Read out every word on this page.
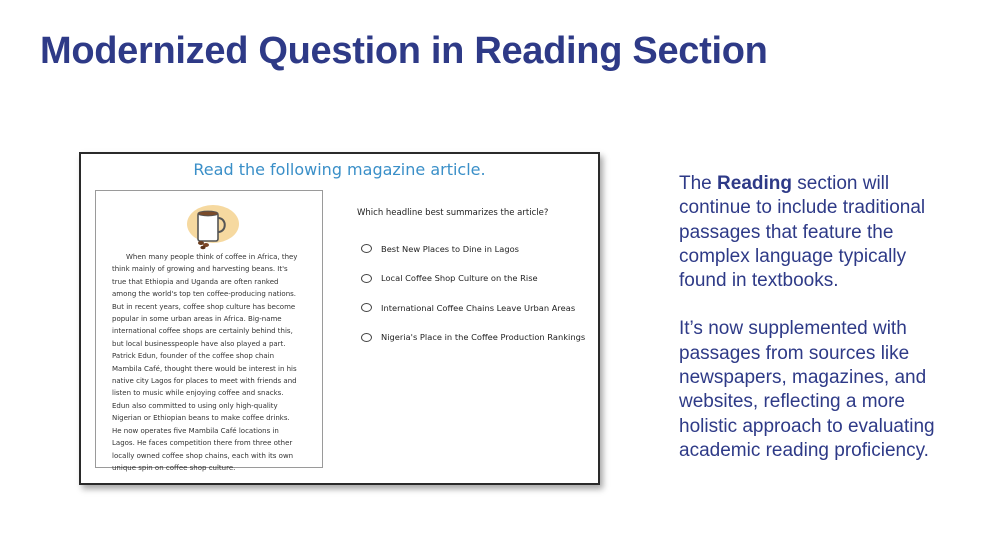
Modernized Question in Reading Section
Read the following magazine article.

When many people think of coffee in Africa, they
think mainly of growing and harvesting beans. It's
true that Ethiopia and Uganda are often ranked
among the world's top ten coffee-producing nations.
But in recent years, coffee shop culture has become
popular in some urban areas in Africa. Big-name
international coffee shops are certainly behind this,
but local businesspeople have also played a part.
Patrick Edun, founder of the coffee shop chain
Mambila Café, thought there would be interest in his
native city Lagos for places to meet with friends and
listen to music while enjoying coffee and snacks.
Edun also committed to using only high-quality
Nigerian or Ethiopian beans to make coffee drinks.
He now operates five Mambila Café locations in
Lagos. He faces competition there from three other
locally owned coffee shop chains, each with its own
unique spin on coffee shop culture.

Which headline best summarizes the article?
Best New Places to Dine in Lagos
Local Coffee Shop Culture on the Rise
International Coffee Chains Leave Urban Areas
Nigeria's Place in the Coffee Production Rankings

The Reading section will
continue to include traditional
passages that feature the
complex language typically
found in textbooks.

It’s now supplemented with
passages from sources like
newspapers, magazines, and
websites, reflecting a more
holistic approach to evaluating
academic reading proficiency.
